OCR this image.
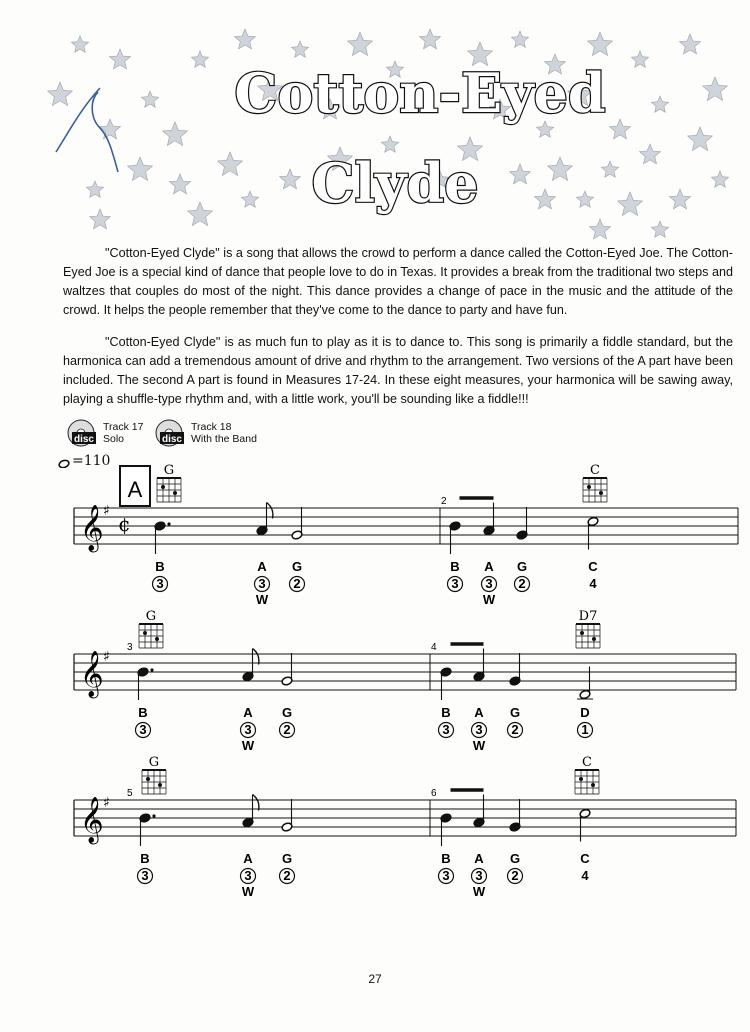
Cotton-Eyed
Clyde

"Cotton-Eyed Clyde" is a song that allows the crowd to perform a dance called the Cotton-Eyed Joe. The Cotton-Eyed Joe is a special kind of dance that people love to do in Texas. It provides a break from the traditional two steps and waltzes that couples do most of the night. This dance provides a change of pace in the music and the attitude of the crowd. It helps the people remember that they've come to the dance to party and have fun.

"Cotton-Eyed Clyde" is as much fun to play as it is to dance to. This song is primarily a fiddle standard, but the harmonica can add a tremendous amount of drive and rhythm to the arrangement. Two versions of the A part have been included. The second A part is found in Measures 17-24. In these eight measures, your harmonica will be sawing away, playing a shuffle-type rhythm and, with a little work, you'll be sounding like a fiddle!!!

disc
Track 17
Solo	disc
Track 18
With the Band
=110
A
𝄞 ♯
¢
2
B
3
A
3
W
G
2
B
3
A
3
W
G
2
C
4
G	C
𝄞 ♯
3	4
B
3
A
3
W
G
2
B
3
A
3
W
G
2
D
1
G	D7
𝄞 ♯
5	6
B
3
A
3
W
G
2
B
3
A
3
W
G
2
C
4
G	C
27
